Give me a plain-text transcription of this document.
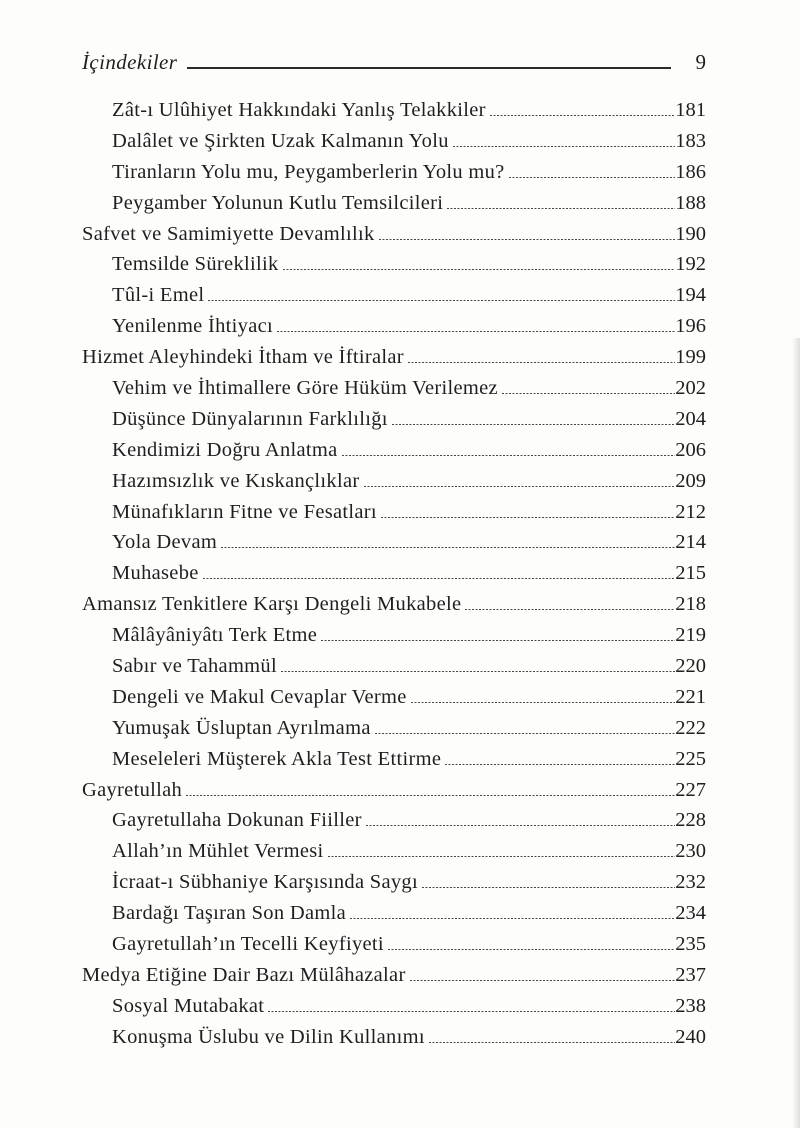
İçindekiler	9
Zât-ı Ulûhiyet Hakkındaki Yanlış Telakkiler	181
Dalâlet ve Şirkten Uzak Kalmanın Yolu	183
Tiranların Yolu mu, Peygamberlerin Yolu mu?	186
Peygamber Yolunun Kutlu Temsilcileri	188
Safvet ve Samimiyette Devamlılık	190
Temsilde Süreklilik	192
Tûl-i Emel	194
Yenilenme İhtiyacı	196
Hizmet Aleyhindeki İtham ve İftiralar	199
Vehim ve İhtimallere Göre Hüküm Verilemez	202
Düşünce Dünyalarının Farklılığı	204
Kendimizi Doğru Anlatma	206
Hazımsızlık ve Kıskançlıklar	209
Münafıkların Fitne ve Fesatları	212
Yola Devam	214
Muhasebe	215
Amansız Tenkitlere Karşı Dengeli Mukabele	218
Mâlâyâniyâtı Terk Etme	219
Sabır ve Tahammül	220
Dengeli ve Makul Cevaplar Verme	221
Yumuşak Üsluptan Ayrılmama	222
Meseleleri Müşterek Akla Test Ettirme	225
Gayretullah	227
Gayretullaha Dokunan Fiiller	228
Allah’ın Mühlet Vermesi	230
İcraat-ı Sübhaniye Karşısında Saygı	232
Bardağı Taşıran Son Damla	234
Gayretullah’ın Tecelli Keyfiyeti	235
Medya Etiğine Dair Bazı Mülâhazalar	237
Sosyal Mutabakat	238
Konuşma Üslubu ve Dilin Kullanımı	240
